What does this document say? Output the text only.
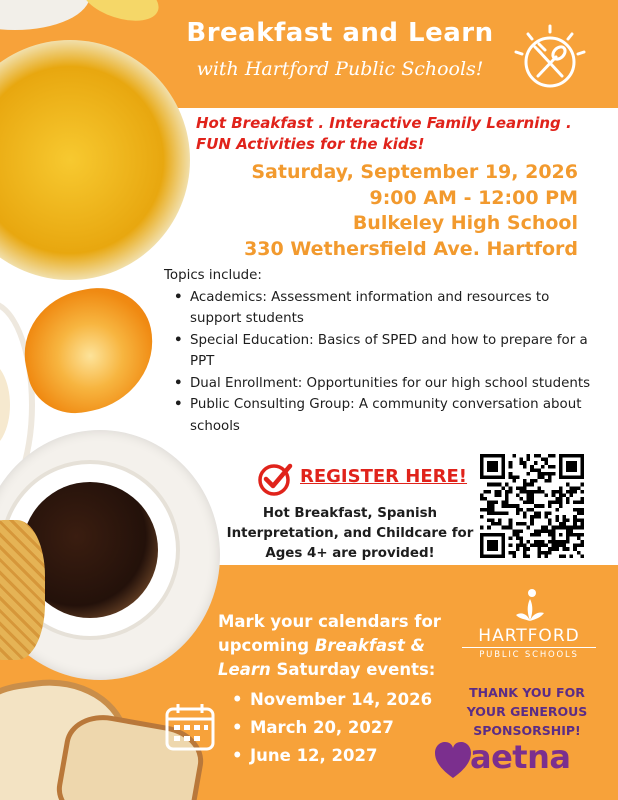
Breakfast and Learn
with Hartford Public Schools!
Hot Breakfast . Interactive Family Learning .
FUN Activities for the kids!
Saturday, September 19, 2026
9:00 AM - 12:00 PM
Bulkeley High School
330 Wethersfield Ave. Hartford
Topics include:
• Academics: Assessment information and resources to support students
• Special Education: Basics of SPED and how to prepare for a PPT
• Dual Enrollment: Opportunities for our high school students
• Public Consulting Group: A community conversation about schools
REGISTER HERE!
Hot Breakfast, Spanish Interpretation, and Childcare for Ages 4+ are provided!
Mark your calendars for upcoming Breakfast &
Learn Saturday events:
• November 14, 2026
• March 20, 2027
• June 12, 2027
HARTFORD
PUBLIC SCHOOLS
THANK YOU FOR YOUR GENEROUS SPONSORSHIP!
aetna
